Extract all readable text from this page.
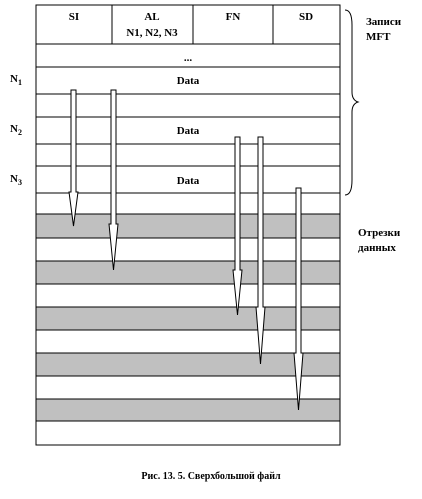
SI	AL
N1, N2, N3
FN	SD
...
Data
Data
Data
$N_1$
$N_2$
$N_3$
Записи
MFT
Отрезки
данных
Рис. 13. 5. Сверхбольшой файл
